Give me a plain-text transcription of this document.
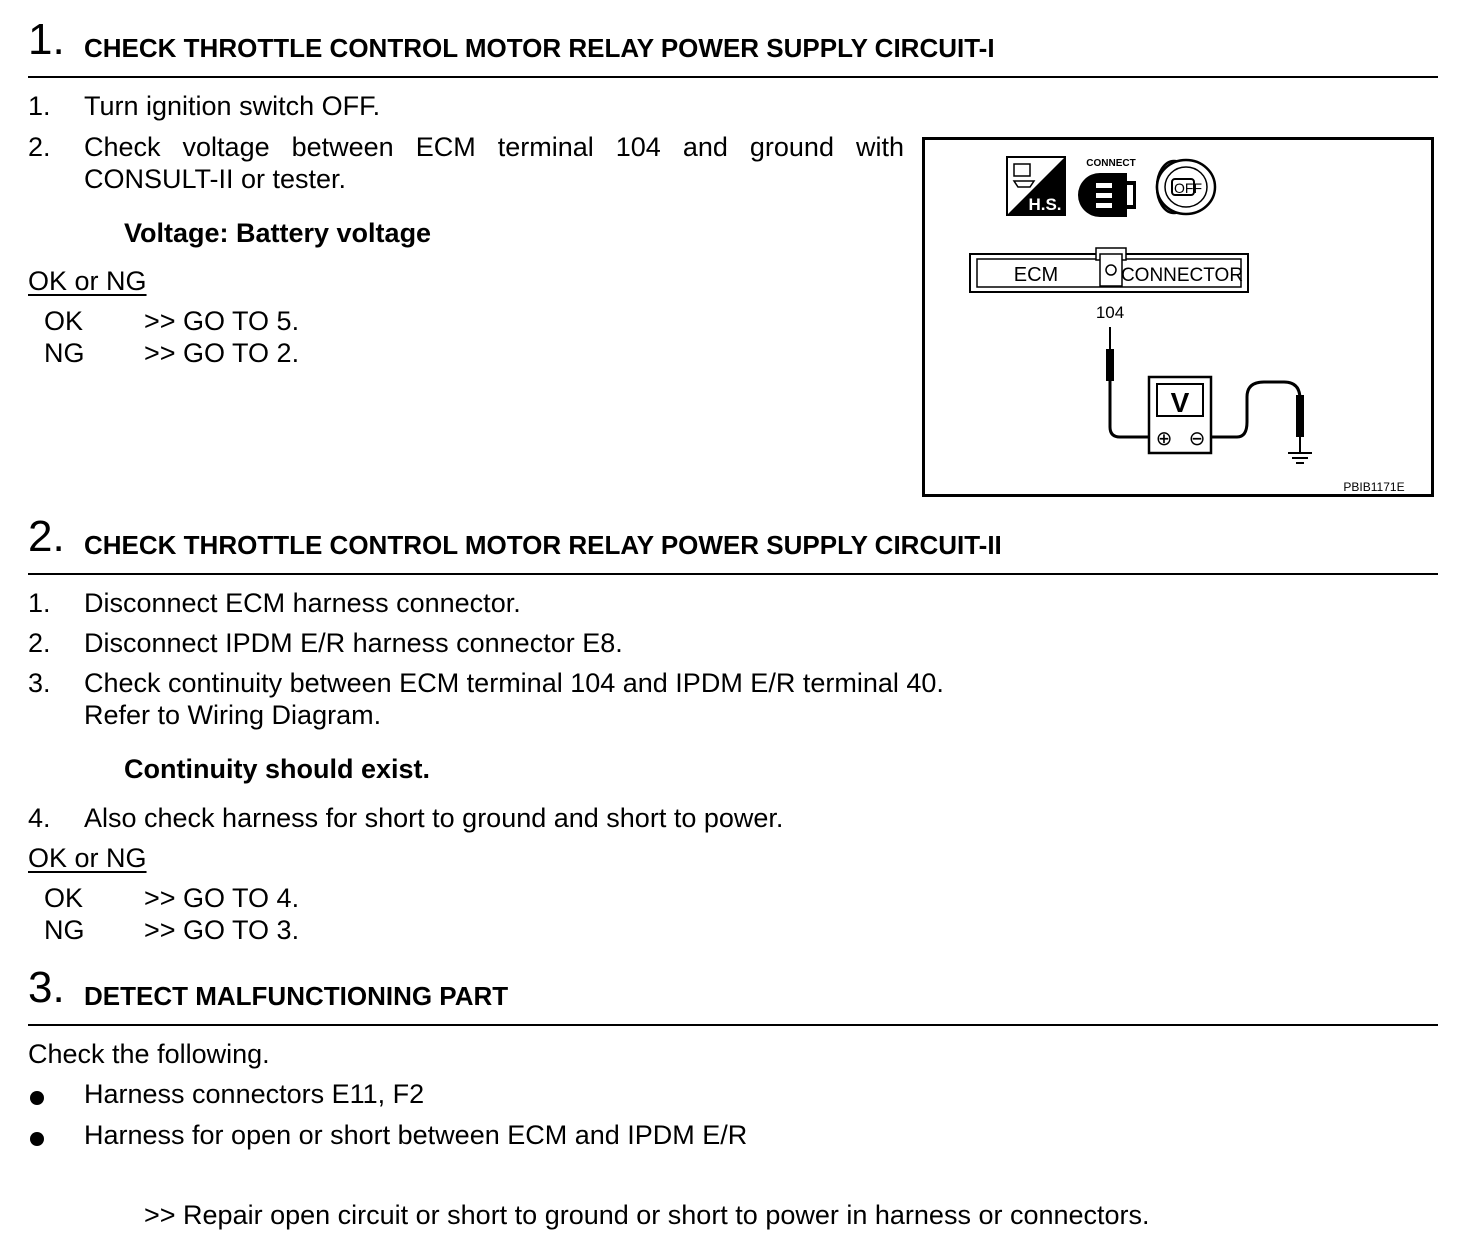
1. CHECK THROTTLE CONTROL MOTOR RELAY POWER SUPPLY CIRCUIT-I
1. Turn ignition switch OFF.
2. Check voltage between ECM terminal 104 and ground with CONSULT-II or tester.
Voltage: Battery voltage
OK or NG
OK >> GO TO 5.
NG >> GO TO 2.
H.S.
CONNECT
OFF
ECM	CONNECTOR
104
V
⊕ ⊖
PBIB1171E
2. CHECK THROTTLE CONTROL MOTOR RELAY POWER SUPPLY CIRCUIT-II
1. Disconnect ECM harness connector.
2. Disconnect IPDM E/R harness connector E8.
3. Check continuity between ECM terminal 104 and IPDM E/R terminal 40.
Refer to Wiring Diagram.
Continuity should exist.
4. Also check harness for short to ground and short to power.
OK or NG
OK >> GO TO 4.
NG >> GO TO 3.
3. DETECT MALFUNCTIONING PART
Check the following.
Harness connectors E11, F2
Harness for open or short between ECM and IPDM E/R
>> Repair open circuit or short to ground or short to power in harness or connectors.
